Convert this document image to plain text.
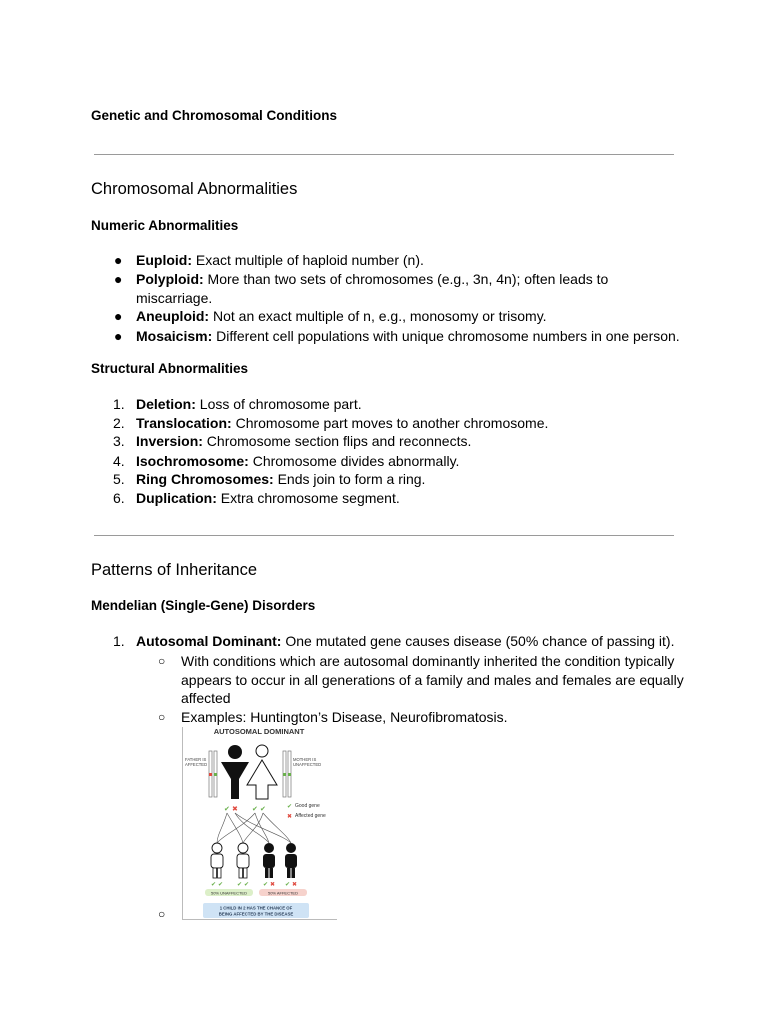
Genetic and Chromosomal Conditions
Chromosomal Abnormalities
Numeric Abnormalities
● Euploid: Exact multiple of haploid number (n).
● Polyploid: More than two sets of chromosomes (e.g., 3n, 4n); often leads to miscarriage.
● Aneuploid: Not an exact multiple of n, e.g., monosomy or trisomy.
● Mosaicism: Different cell populations with unique chromosome numbers in one person.
Structural Abnormalities
1. Deletion: Loss of chromosome part.
2. Translocation: Chromosome part moves to another chromosome.
3. Inversion: Chromosome section flips and reconnects.
4. Isochromosome: Chromosome divides abnormally.
5. Ring Chromosomes: Ends join to form a ring.
6. Duplication: Extra chromosome segment.
Patterns of Inheritance
Mendelian (Single-Gene) Disorders
1. Autosomal Dominant: One mutated gene causes disease (50% chance of passing it).
○ With conditions which are autosomal dominantly inherited the condition typically appears to occur in all generations of a family and males and females are equally affected
○ Examples: Huntington’s Disease, Neurofibromatosis.
AUTOSOMAL DOMINANT
FATHER IS
AFFECTED
MOTHER IS
UNAFFECTED
✔ ✖ ✔ ✔	✔ Good gene
✖ Affected gene
✔ ✔ ✔ ✔ ✔ ✖ ✔ ✖
50% UNAFFECTED	50% AFFECTED
1 CHILD IN 2 HAS THE CHANCE OF
BEING AFFECTED BY THE DISEASE
○
